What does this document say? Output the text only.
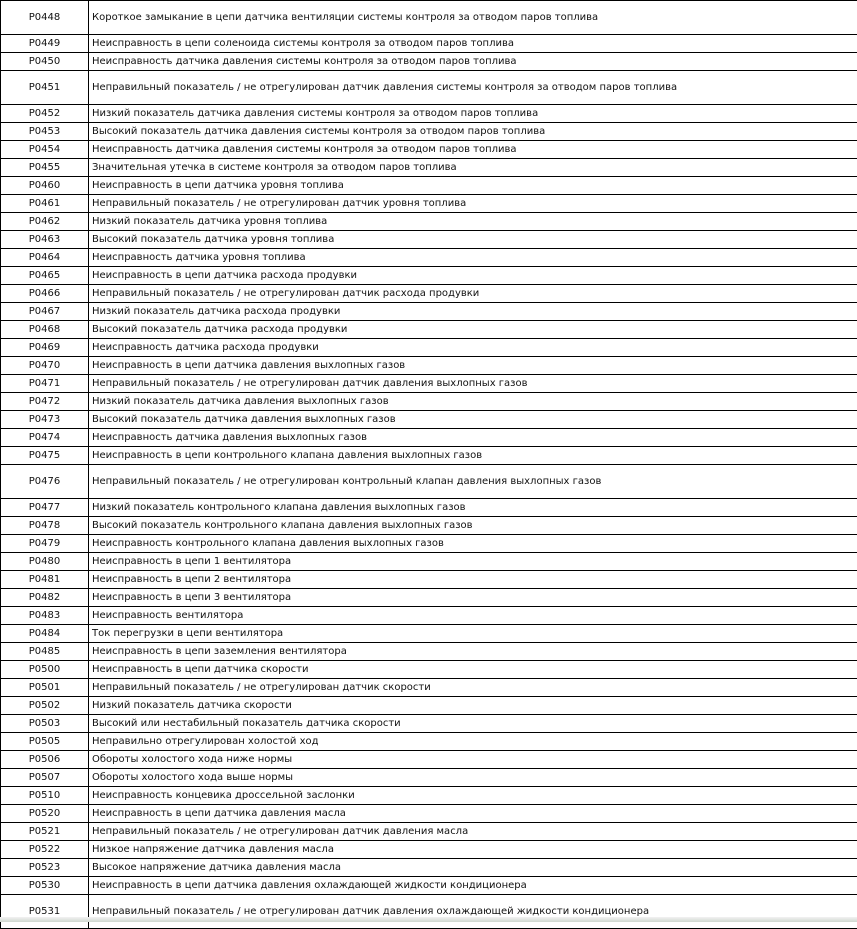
P0448	Короткое замыкание в цепи датчика вентиляции системы контроля за отводом паров топлива
P0449	Неисправность в цепи соленоида системы контроля за отводом паров топлива
P0450	Неисправность датчика давления системы контроля за отводом паров топлива
P0451	Неправильный показатель / не отрегулирован датчик давления системы контроля за отводом паров топлива
P0452	Низкий показатель датчика давления системы контроля за отводом паров топлива
P0453	Высокий показатель датчика давления системы контроля за отводом паров топлива
P0454	Неисправность датчика давления системы контроля за отводом паров топлива
P0455	Значительная утечка в системе контроля за отводом паров топлива
P0460	Неисправность в цепи датчика уровня топлива
P0461	Неправильный показатель / не отрегулирован датчик уровня топлива
P0462	Низкий показатель датчика уровня топлива
P0463	Высокий показатель датчика уровня топлива
P0464	Неисправность датчика уровня топлива
P0465	Неисправность в цепи датчика расхода продувки
P0466	Неправильный показатель / не отрегулирован датчик расхода продувки
P0467	Низкий показатель датчика расхода продувки
P0468	Высокий показатель датчика расхода продувки
P0469	Неисправность датчика расхода продувки
P0470	Неисправность в цепи датчика давления выхлопных газов
P0471	Неправильный показатель / не отрегулирован датчик давления выхлопных газов
P0472	Низкий показатель датчика давления выхлопных газов
P0473	Высокий показатель датчика давления выхлопных газов
P0474	Неисправность датчика давления выхлопных газов
P0475	Неисправность в цепи контрольного клапана давления выхлопных газов
P0476	Неправильный показатель / не отрегулирован контрольный клапан давления выхлопных газов
P0477	Низкий показатель контрольного клапана давления выхлопных газов
P0478	Высокий показатель контрольного клапана давления выхлопных газов
P0479	Неисправность контрольного клапана давления выхлопных газов
P0480	Неисправность в цепи 1 вентилятора
P0481	Неисправность в цепи 2 вентилятора
P0482	Неисправность в цепи 3 вентилятора
P0483	Неисправность вентилятора
P0484	Ток перегрузки в цепи вентилятора
P0485	Неисправность в цепи заземления вентилятора
P0500	Неисправность в цепи датчика скорости
P0501	Неправильный показатель / не отрегулирован датчик скорости
P0502	Низкий показатель датчика скорости
P0503	Высокий или нестабильный показатель датчика скорости
P0505	Неправильно отрегулирован холостой ход
P0506	Обороты холостого хода ниже нормы
P0507	Обороты холостого хода выше нормы
P0510	Неисправность концевика дроссельной заслонки
P0520	Неисправность в цепи датчика давления масла
P0521	Неправильный показатель / не отрегулирован датчик давления масла
P0522	Низкое напряжение датчика давления масла
P0523	Высокое напряжение датчика давления масла
P0530	Неисправность в цепи датчика давления охлаждающей жидкости кондиционера
P0531	Неправильный показатель / не отрегулирован датчик давления охлаждающей жидкости кондиционера
